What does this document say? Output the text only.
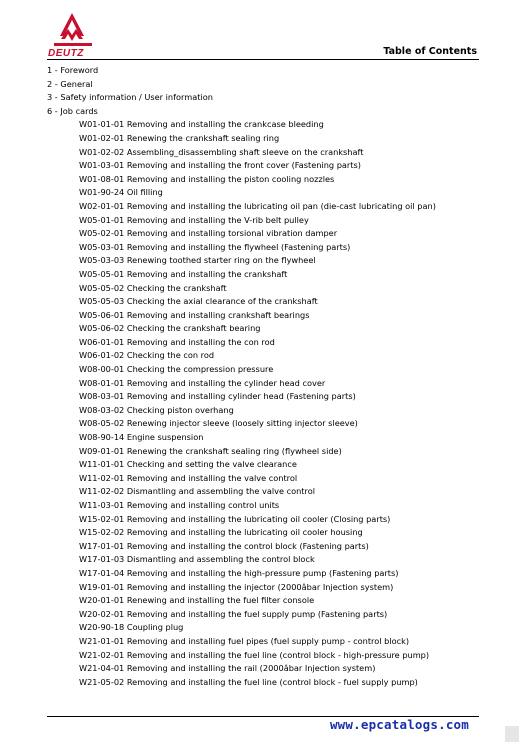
DEUTZ	Table of Contents
1 - Foreword
2 - General
3 - Safety information / User information
6 - Job cards
W01-01-01 Removing and installing the crankcase bleeding
W01-02-01 Renewing the crankshaft sealing ring
W01-02-02 Assembling_disassembling shaft sleeve on the crankshaft
W01-03-01 Removing and installing the front cover (Fastening parts)
W01-08-01 Removing and installing the piston cooling nozzles
W01-90-24 Oil filling
W02-01-01 Removing and installing the lubricating oil pan (die-cast lubricating oil pan)
W05-01-01 Removing and installing the V-rib belt pulley
W05-02-01 Removing and installing torsional vibration damper
W05-03-01 Removing and installing the flywheel (Fastening parts)
W05-03-03 Renewing toothed starter ring on the flywheel
W05-05-01 Removing and installing the crankshaft
W05-05-02 Checking the crankshaft
W05-05-03 Checking the axial clearance of the crankshaft
W05-06-01 Removing and installing crankshaft bearings
W05-06-02 Checking the crankshaft bearing
W06-01-01 Removing and installing the con rod
W06-01-02 Checking the con rod
W08-00-01 Checking the compression pressure
W08-01-01 Removing and installing the cylinder head cover
W08-03-01 Removing and installing cylinder head (Fastening parts)
W08-03-02 Checking piston overhang
W08-05-02 Renewing injector sleeve (loosely sitting injector sleeve)
W08-90-14 Engine suspension
W09-01-01 Renewing the crankshaft sealing ring (flywheel side)
W11-01-01 Checking and setting the valve clearance
W11-02-01 Removing and installing the valve control
W11-02-02 Dismantling and assembling the valve control
W11-03-01 Removing and installing control units
W15-02-01 Removing and installing the lubricating oil cooler (Closing parts)
W15-02-02 Removing and installing the lubricating oil cooler housing
W17-01-01 Removing and installing the control block (Fastening parts)
W17-01-03 Dismantling and assembling the control block
W17-01-04 Removing and installing the high-pressure pump (Fastening parts)
W19-01-01 Removing and installing the injector (2000âbar Injection system)
W20-01-01 Renewing and installing the fuel filter console
W20-02-01 Removing and installing the fuel supply pump (Fastening parts)
W20-90-18 Coupling plug
W21-01-01 Removing and installing fuel pipes (fuel supply pump - control block)
W21-02-01 Removing and installing the fuel line (control block - high-pressure pump)
W21-04-01 Removing and installing the rail (2000âbar Injection system)
W21-05-02 Removing and installing the fuel line (control block - fuel supply pump)
www.epcatalogs.com
